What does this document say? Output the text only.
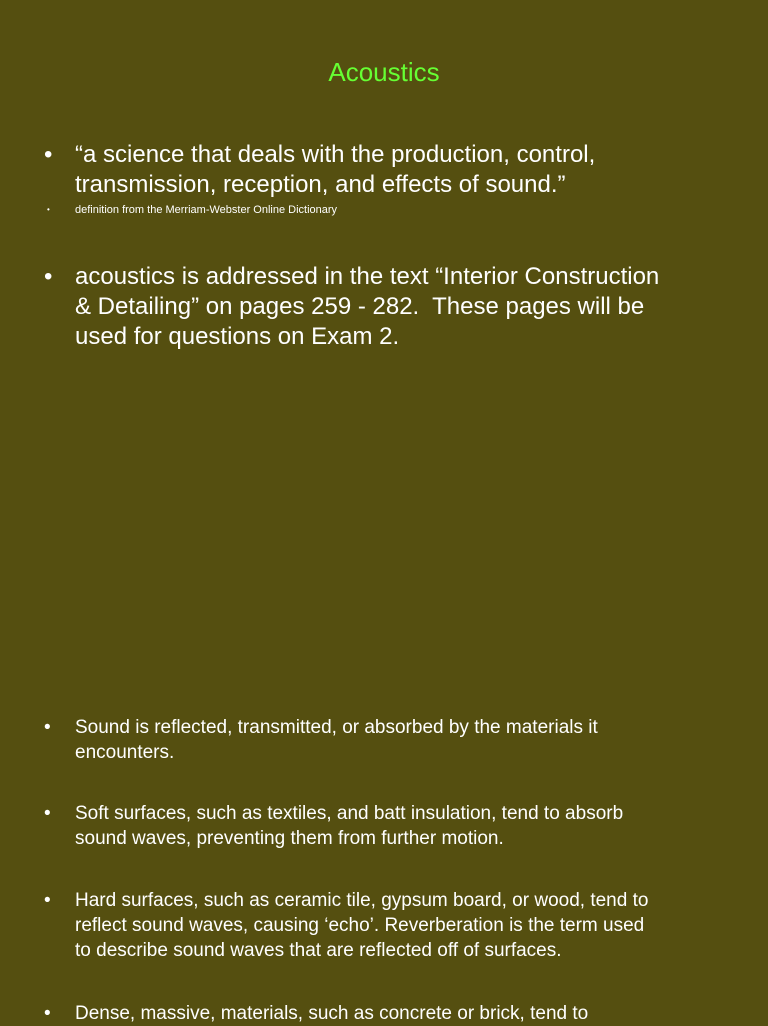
Acoustics
• “a science that deals with the production, control,
transmission, reception, and effects of sound.”
• definition from the Merriam-Webster Online Dictionary
• acoustics is addressed in the text “Interior Construction
& Detailing” on pages 259 - 282.  These pages will be
used for questions on Exam 2.
• Sound is reflected, transmitted, or absorbed by the materials it
encounters.
• Soft surfaces, such as textiles, and batt insulation, tend to absorb
sound waves, preventing them from further motion.
• Hard surfaces, such as ceramic tile, gypsum board, or wood, tend to
reflect sound waves, causing ‘echo’. Reverberation is the term used
to describe sound waves that are reflected off of surfaces.
• Dense, massive, materials, such as concrete or brick, tend to
